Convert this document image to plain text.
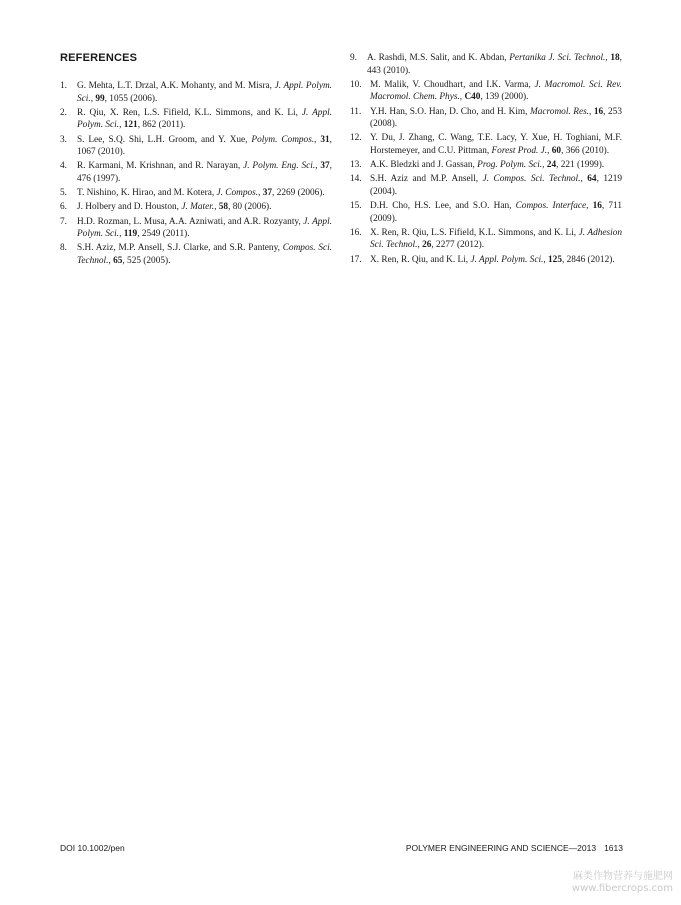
REFERENCES
1. G. Mehta, L.T. Drzal, A.K. Mohanty, and M. Misra, J. Appl. Polym. Sci., 99, 1055 (2006).
2. R. Qiu, X. Ren, L.S. Fifield, K.L. Simmons, and K. Li, J. Appl. Polym. Sci., 121, 862 (2011).
3. S. Lee, S.Q. Shi, L.H. Groom, and Y. Xue, Polym. Compos., 31, 1067 (2010).
4. R. Karmani, M. Krishnan, and R. Narayan, J. Polym. Eng. Sci., 37, 476 (1997).
5. T. Nishino, K. Hirao, and M. Kotera, J. Compos., 37, 2269 (2006).
6. J. Holbery and D. Houston, J. Mater., 58, 80 (2006).
7. H.D. Rozman, L. Musa, A.A. Azniwati, and A.R. Rozyanty, J. Appl. Polym. Sci., 119, 2549 (2011).
8. S.H. Aziz, M.P. Ansell, S.J. Clarke, and S.R. Panteny, Compos. Sci. Technol., 65, 525 (2005).
9. A. Rashdi, M.S. Salit, and K. Abdan, Pertanika J. Sci. Technol., 18, 443 (2010).
10. M. Malik, V. Choudhart, and I.K. Varma, J. Macromol. Sci. Rev. Macromol. Chem. Phys., C40, 139 (2000).
11. Y.H. Han, S.O. Han, D. Cho, and H. Kim, Macromol. Res., 16, 253 (2008).
12. Y. Du, J. Zhang, C. Wang, T.E. Lacy, Y. Xue, H. Toghiani, M.F. Horstemeyer, and C.U. Pittman, Forest Prod. J., 60, 366 (2010).
13. A.K. Bledzki and J. Gassan, Prog. Polym. Sci., 24, 221 (1999).
14. S.H. Aziz and M.P. Ansell, J. Compos. Sci. Technol., 64, 1219 (2004).
15. D.H. Cho, H.S. Lee, and S.O. Han, Compos. Interface, 16, 711 (2009).
16. X. Ren, R. Qiu, L.S. Fifield, K.L. Simmons, and K. Li, J. Adhesion Sci. Technol., 26, 2277 (2012).
17. X. Ren, R. Qiu, and K. Li, J. Appl. Polym. Sci., 125, 2846 (2012).
DOI 10.1002/pen	POLYMER ENGINEERING AND SCIENCE—2013 1613
麻类作物营养与施肥网
www.fibercrops.com
